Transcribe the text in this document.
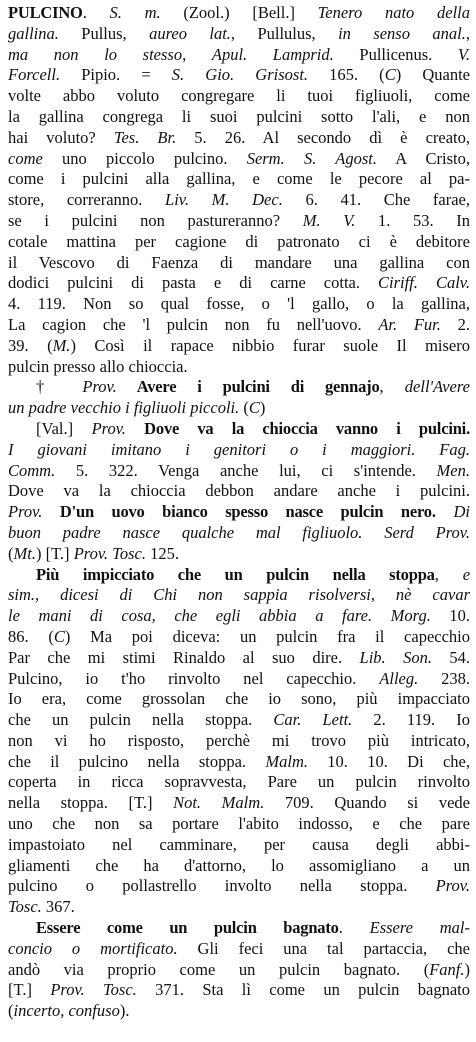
PULCINO. S. m. (Zool.) [Bell.] Tenero nato della
gallina. Pullus, aureo lat., Pullulus, in senso anal.,
ma non lo stesso, Apul. Lamprid. Pullicenus. V.
Forcell. Pipio. = S. Gio. Grisost. 165. (C) Quante
volte abbo voluto congregare li tuoi figliuoli, come
la gallina congrega li suoi pulcini sotto l'ali, e non
hai voluto? Tes. Br. 5. 26. Al secondo dì è creato,
come uno piccolo pulcino. Serm. S. Agost. A Cristo,
come i pulcini alla gallina, e come le pecore al pa-
store, correranno. Liv. M. Dec. 6. 41. Che farae,
se i pulcini non pastureranno? M. V. 1. 53. In
cotale mattina per cagione di patronato ci è debitore
il Vescovo di Faenza di mandare una gallina con
dodici pulcini di pasta e di carne cotta. Ciriff. Calv.
4. 119. Non so qual fosse, o 'l gallo, o la gallina,
La cagion che 'l pulcin non fu nell'uovo. Ar. Fur. 2.
39. (M.) Così il rapace nibbio furar suole Il misero
pulcin presso allo chioccia.
† Prov. Avere i pulcini di gennajo, dell'Avere
un padre vecchio i figliuoli piccoli. (C)
[Val.] Prov. Dove va la chioccia vanno i pulcini.
I giovani imitano i genitori o i maggiori. Fag.
Comm. 5. 322. Venga anche lui, ci s'intende. Men.
Dove va la chioccia debbon andare anche i pulcini.
Prov. D'un uovo bianco spesso nasce pulcin nero. Di
buon padre nasce qualche mal figliuolo. Serd Prov.
(Mt.) [T.] Prov. Tosc. 125.
Più impicciato che un pulcin nella stoppa, e
sim., dicesi di Chi non sappia risolversi, nè cavar
le mani di cosa, che egli abbia a fare. Morg. 10.
86. (C) Ma poi diceva: un pulcin fra il capecchio
Par che mi stimi Rinaldo al suo dire. Lib. Son. 54.
Pulcino, io t'ho rinvolto nel capecchio. Alleg. 238.
Io era, come grossolan che io sono, più impacciato
che un pulcin nella stoppa. Car. Lett. 2. 119. Io
non vi ho risposto, perchè mi trovo più intricato,
che il pulcino nella stoppa. Malm. 10. 10. Di che,
coperta in ricca sopravvesta, Pare un pulcin rinvolto
nella stoppa. [T.] Not. Malm. 709. Quando si vede
uno che non sa portare l'abito indosso, e che pare
impastoiato nel camminare, per causa degli abbi-
gliamenti che ha d'attorno, lo assomigliano a un
pulcino o pollastrello involto nella stoppa. Prov.
Tosc. 367.
Essere come un pulcin bagnato. Essere mal-
concio o mortificato. Gli feci una tal partaccia, che
andò via proprio come un pulcin bagnato. (Fanf.)
[T.] Prov. Tosc. 371. Sta lì come un pulcin bagnato
(incerto, confuso).
